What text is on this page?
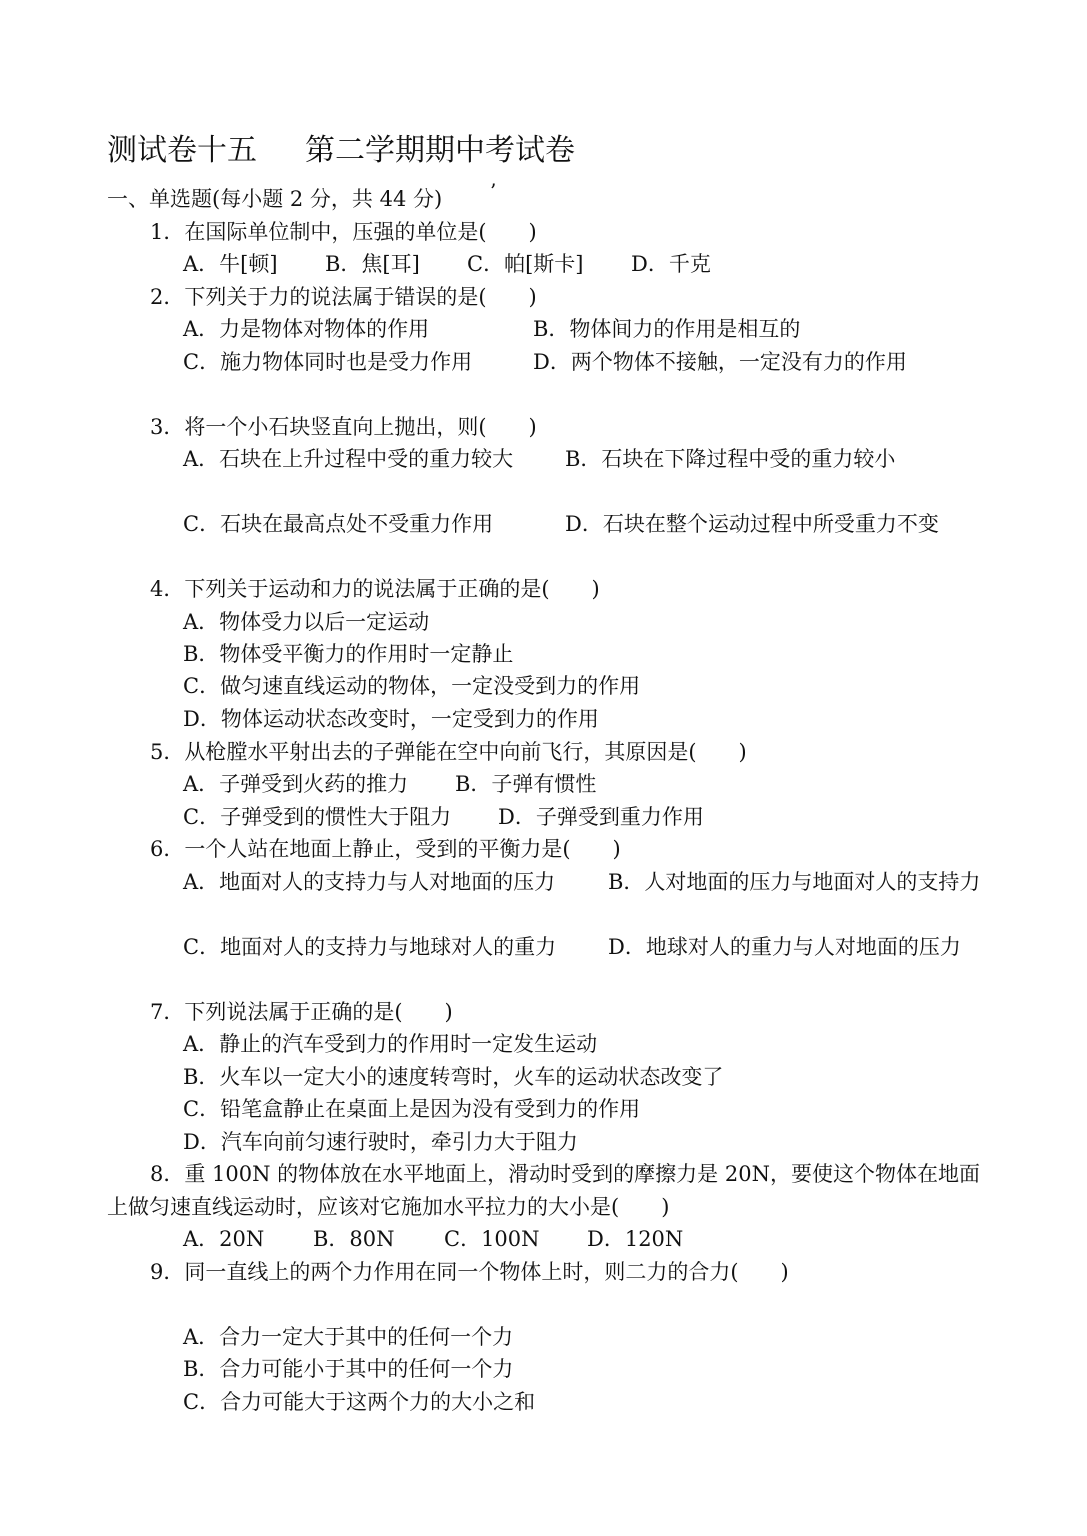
测试卷十五 第二学期期中考试卷
一、单选题(每小题 2 分，共 44 分) ’
1．在国际单位制中，压强的单位是(　　)
A．牛[顿] B．焦[耳] C．帕[斯卡] D．千克
2．下列关于力的说法属于错误的是(　　)
A．力是物体对物体的作用	B．物体间力的作用是相互的
C．施力物体同时也是受力作用	D．两个物体不接触，一定没有力的作用
3．将一个小石块竖直向上抛出，则(　　)
A．石块在上升过程中受的重力较大 B．石块在下降过程中受的重力较小
C．石块在最高点处不受重力作用	D．石块在整个运动过程中所受重力不变
4．下列关于运动和力的说法属于正确的是(　　)
A．物体受力以后一定运动
B．物体受平衡力的作用时一定静止
C．做匀速直线运动的物体，一定没受到力的作用
D．物体运动状态改变时，一定受到力的作用
5．从枪膛水平射出去的子弹能在空中向前飞行，其原因是(　　)
A．子弹受到火药的推力 B．子弹有惯性
C．子弹受到的惯性大于阻力 D．子弹受到重力作用
6．一个人站在地面上静止，受到的平衡力是(　　)
A．地面对人的支持力与人对地面的压力	B．人对地面的压力与地面对人的支持力
C．地面对人的支持力与地球对人的重力 D．地球对人的重力与人对地面的压力
7．下列说法属于正确的是(　　)
A．静止的汽车受到力的作用时一定发生运动
B．火车以一定大小的速度转弯时，火车的运动状态改变了
C．铅笔盒静止在桌面上是因为没有受到力的作用
D．汽车向前匀速行驶时，牵引力大于阻力
8．重 100N 的物体放在水平地面上，滑动时受到的摩擦力是 20N，要使这个物体在地面
上做匀速直线运动时，应该对它施加水平拉力的大小是(　　)
A．20N B．80N C．100N D．120N
9．同一直线上的两个力作用在同一个物体上时，则二力的合力(　　)
A．合力一定大于其中的任何一个力
B．合力可能小于其中的任何一个力
C．合力可能大于这两个力的大小之和
